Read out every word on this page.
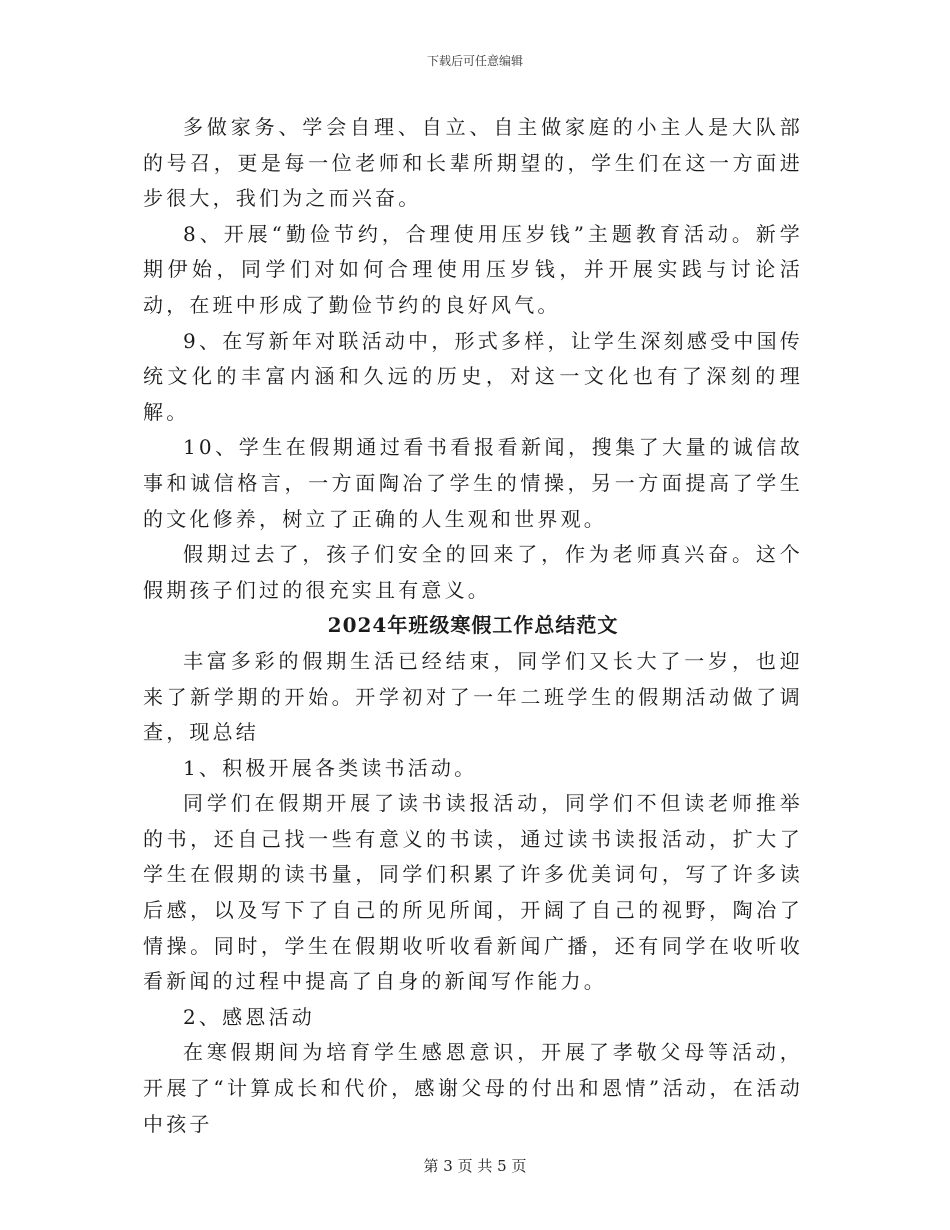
下载后可任意编辑

多做家务、学会自理、自立、自主做家庭的小主人是大队部的号召，更是每一位老师和长辈所期望的，学生们在这一方面进步很大，我们为之而兴奋。

8、开展“勤俭节约，合理使用压岁钱”主题教育活动。新学期伊始，同学们对如何合理使用压岁钱，并开展实践与讨论活动，在班中形成了勤俭节约的良好风气。

9、在写新年对联活动中，形式多样，让学生深刻感受中国传统文化的丰富内涵和久远的历史，对这一文化也有了深刻的理解。

10、学生在假期通过看书看报看新闻，搜集了大量的诚信故事和诚信格言，一方面陶冶了学生的情操，另一方面提高了学生的文化修养，树立了正确的人生观和世界观。

假期过去了，孩子们安全的回来了，作为老师真兴奋。这个假期孩子们过的很充实且有意义。

2024年班级寒假工作总结范文

丰富多彩的假期生活已经结束，同学们又长大了一岁，也迎来了新学期的开始。开学初对了一年二班学生的假期活动做了调查，现总结

1、积极开展各类读书活动。

同学们在假期开展了读书读报活动，同学们不但读老师推举的书，还自己找一些有意义的书读，通过读书读报活动，扩大了学生在假期的读书量，同学们积累了许多优美词句，写了许多读后感，以及写下了自己的所见所闻，开阔了自己的视野，陶冶了情操。同时，学生在假期收听收看新闻广播，还有同学在收听收看新闻的过程中提高了自身的新闻写作能力。

2、感恩活动

在寒假期间为培育学生感恩意识，开展了孝敬父母等活动，开展了“计算成长和代价，感谢父母的付出和恩情”活动，在活动中孩子

第 3 页 共 5 页
